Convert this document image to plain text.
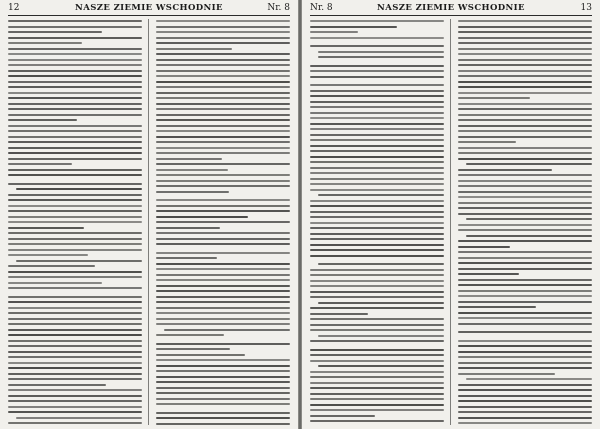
12	NASZE ZIEMIE WSCHODNIE	Nr. 8 Nr. 8	NASZE ZIEMIE WSCHODNIE	13
